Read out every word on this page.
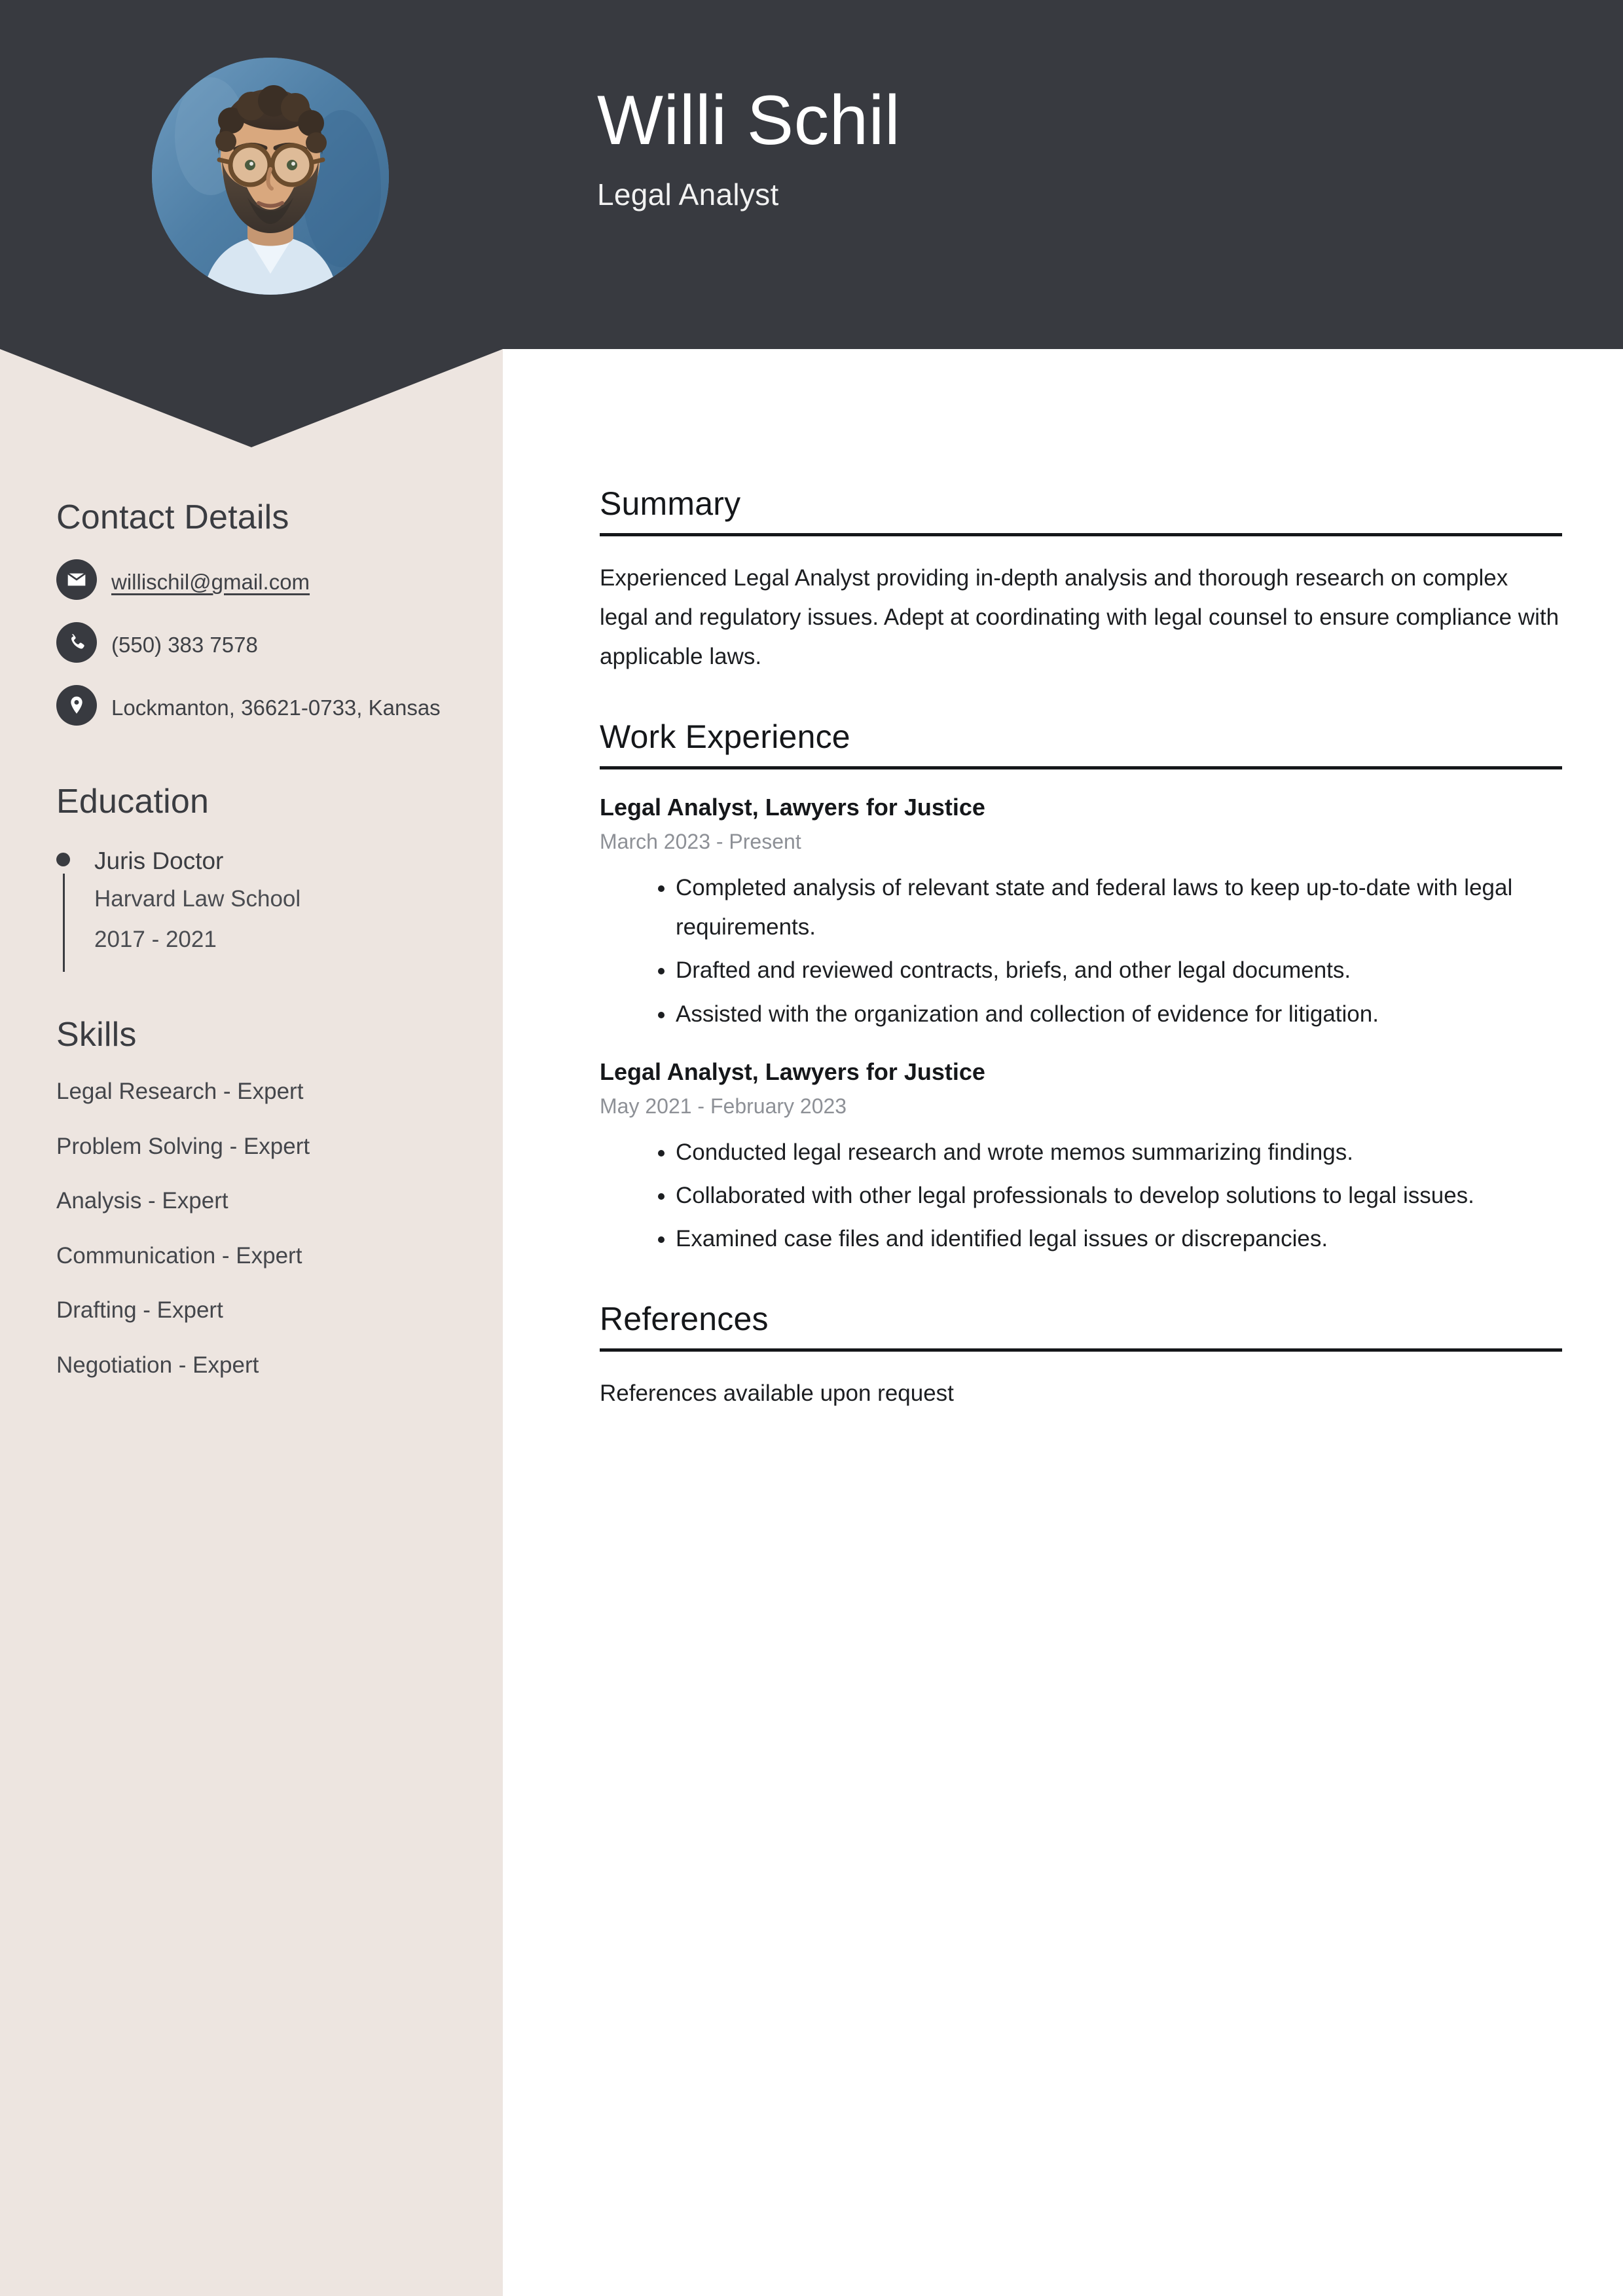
Willi Schil
Legal Analyst
Contact Details
willischil@gmail.com
(550) 383 7578
Lockmanton, 36621-0733, Kansas
Education
Juris Doctor
Harvard Law School
2017 - 2021
Skills
Legal Research - Expert
Problem Solving - Expert
Analysis - Expert
Communication - Expert
Drafting - Expert
Negotiation - Expert
Summary
Experienced Legal Analyst providing in-depth analysis and thorough research on complex legal and regulatory issues. Adept at coordinating with legal counsel to ensure compliance with applicable laws.
Work Experience
Legal Analyst, Lawyers for Justice
March 2023 - Present
• Completed analysis of relevant state and federal laws to keep up-to-date with legal requirements.
• Drafted and reviewed contracts, briefs, and other legal documents.
• Assisted with the organization and collection of evidence for litigation.
Legal Analyst, Lawyers for Justice
May 2021 - February 2023
• Conducted legal research and wrote memos summarizing findings.
• Collaborated with other legal professionals to develop solutions to legal issues.
• Examined case files and identified legal issues or discrepancies.
References
References available upon request
